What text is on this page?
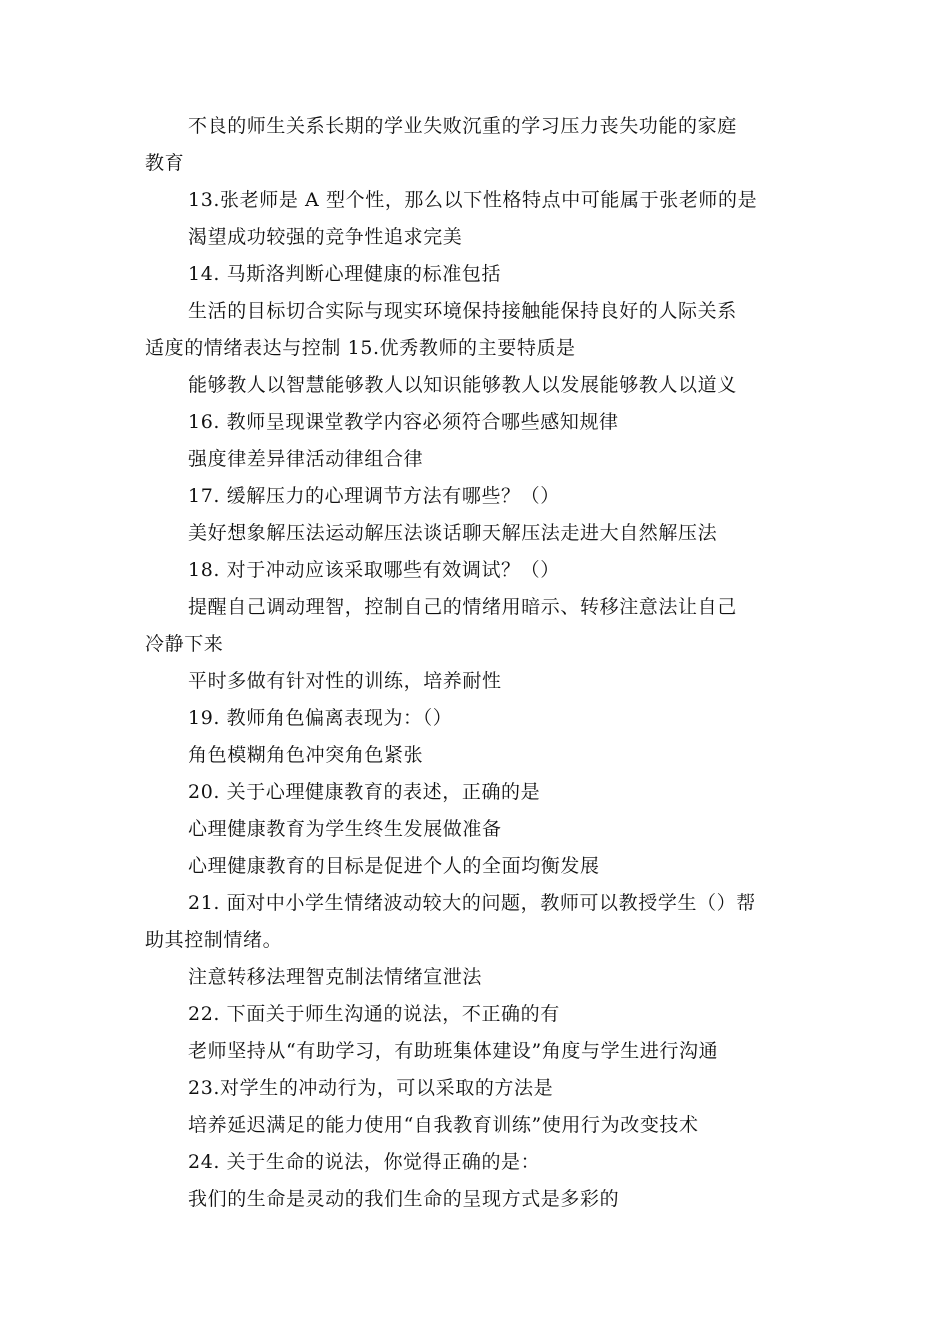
不良的师生关系长期的学业失败沉重的学习压力丧失功能的家庭
教育
13.张老师是 A 型个性，那么以下性格特点中可能属于张老师的是
渴望成功较强的竞争性追求完美
14. 马斯洛判断心理健康的标准包括
生活的目标切合实际与现实环境保持接触能保持良好的人际关系
适度的情绪表达与控制 15.优秀教师的主要特质是
能够教人以智慧能够教人以知识能够教人以发展能够教人以道义
16. 教师呈现课堂教学内容必须符合哪些感知规律
强度律差异律活动律组合律
17. 缓解压力的心理调节方法有哪些？（）
美好想象解压法运动解压法谈话聊天解压法走进大自然解压法
18. 对于冲动应该采取哪些有效调试？（）
提醒自己调动理智，控制自己的情绪用暗示、转移注意法让自己
冷静下来
平时多做有针对性的训练，培养耐性
19. 教师角色偏离表现为：（）
角色模糊角色冲突角色紧张
20. 关于心理健康教育的表述，正确的是
心理健康教育为学生终生发展做准备
心理健康教育的目标是促进个人的全面均衡发展
21. 面对中小学生情绪波动较大的问题，教师可以教授学生（）帮
助其控制情绪。
注意转移法理智克制法情绪宣泄法
22. 下面关于师生沟通的说法，不正确的有
老师坚持从“有助学习，有助班集体建设”角度与学生进行沟通
23.对学生的冲动行为，可以采取的方法是
培养延迟满足的能力使用“自我教育训练”使用行为改变技术
24. 关于生命的说法，你觉得正确的是：
我们的生命是灵动的我们生命的呈现方式是多彩的
